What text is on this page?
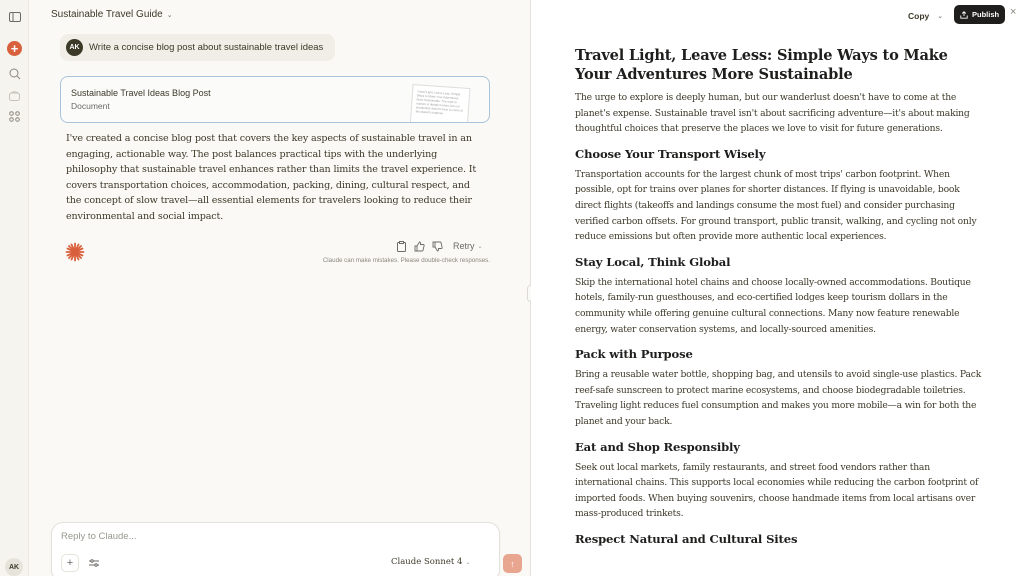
+
AK
Sustainable Travel Guide ⌄
AK Write a concise blog post about sustainable travel ideas
Sustainable Travel Ideas Blog Post
Document
Travel Light, Leave Less: Simple Ways to Make Your Adventures More Sustainable. The urge to explore is deeply human, but our wanderlust doesn't have to come at the planet's expense.
I've created a concise blog post that covers the key aspects of sustainable travel in an engaging, actionable way. The post balances practical tips with the underlying philosophy that sustainable travel enhances rather than limits the travel experience. It covers transportation choices, accommodation, packing, dining, cultural respect, and the concept of slow travel—all essential elements for travelers looking to reduce their environmental and social impact.
Retry ⌄
Claude can make mistakes. Please double-check responses.
Reply to Claude...
+	Claude Sonnet 4 ⌄	↑
Copy ⌄	Publish ×
Travel Light, Leave Less: Simple Ways to Make Your Adventures More Sustainable

The urge to explore is deeply human, but our wanderlust doesn't have to come at the planet's expense. Sustainable travel isn't about sacrificing adventure—it's about making thoughtful choices that preserve the places we love to visit for future generations.

Choose Your Transport Wisely

Transportation accounts for the largest chunk of most trips' carbon footprint. When possible, opt for trains over planes for shorter distances. If flying is unavoidable, book direct flights (takeoffs and landings consume the most fuel) and consider purchasing verified carbon offsets. For ground transport, public transit, walking, and cycling not only reduce emissions but often provide more authentic local experiences.

Stay Local, Think Global

Skip the international hotel chains and choose locally-owned accommodations. Boutique hotels, family-run guesthouses, and eco-certified lodges keep tourism dollars in the community while offering genuine cultural connections. Many now feature renewable energy, water conservation systems, and locally-sourced amenities.

Pack with Purpose

Bring a reusable water bottle, shopping bag, and utensils to avoid single-use plastics. Pack reef-safe sunscreen to protect marine ecosystems, and choose biodegradable toiletries. Traveling light reduces fuel consumption and makes you more mobile—a win for both the planet and your back.

Eat and Shop Responsibly

Seek out local markets, family restaurants, and street food vendors rather than international chains. This supports local economies while reducing the carbon footprint of imported foods. When buying souvenirs, choose handmade items from local artisans over mass-produced trinkets.

Respect Natural and Cultural Sites
